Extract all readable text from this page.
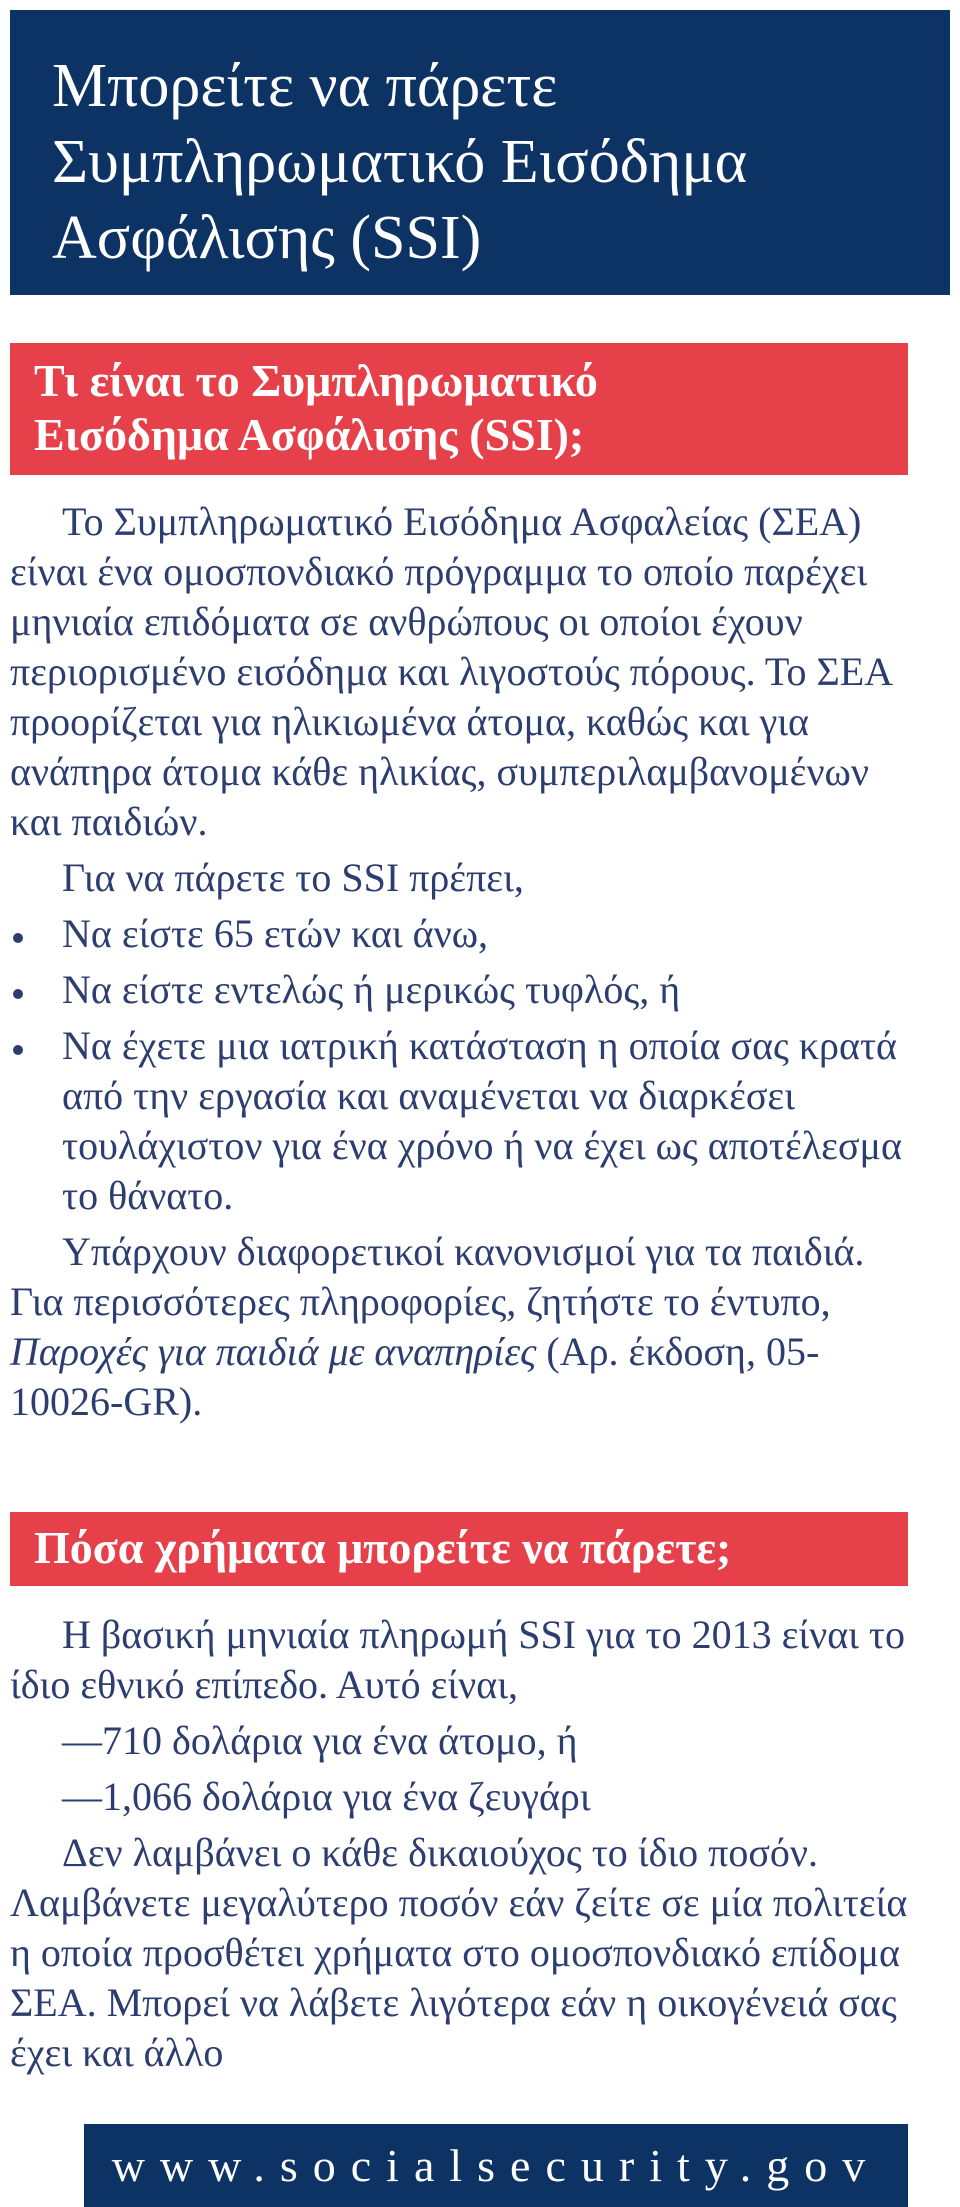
Μπορείτε να πάρετε
Συμπληρωματικό Εισόδημα
Ασφάλισης (SSI)
Τι είναι το Συμπληρωματικό
Εισόδημα Ασφάλισης (SSI);

Το Συμπληρωματικό Εισόδημα Ασφαλείας (ΣΕΑ) είναι ένα ομοσπονδιακό πρόγραμμα το οποίο παρέχει μηνιαία επιδόματα σε ανθρώπους οι οποίοι έχουν περιορισμένο εισόδημα και λιγοστούς πόρους. Το ΣΕΑ προορίζεται για ηλικιωμένα άτομα, καθώς και για ανάπηρα άτομα κάθε ηλικίας, συμπεριλαμβανομένων και παιδιών.

Για να πάρετε το SSI πρέπει,

Να είστε 65 ετών και άνω,
Να είστε εντελώς ή μερικώς τυφλός, ή
Να έχετε μια ιατρική κατάσταση η οποία σας κρατά από την εργασία και αναμένεται να διαρκέσει τουλάχιστον για ένα χρόνο ή να έχει ως αποτέλεσμα το θάνατο.

Υπάρχουν διαφορετικοί κανονισμοί για τα παιδιά. Για περισσότερες πληροφορίες, ζητήστε το έντυπο, Παροχές για παιδιά με αναπηρίες (Αρ. έκδοση, 05-10026-GR).

Πόσα χρήματα μπορείτε να πάρετε;

Η βασική μηνιαία πληρωμή SSI για το 2013 είναι το ίδιο εθνικό επίπεδο. Αυτό είναι,

—710 δολάρια για ένα άτομο, ή

—1,066 δολάρια για ένα ζευγάρι

Δεν λαμβάνει ο κάθε δικαιούχος το ίδιο ποσόν. Λαμβάνετε μεγαλύτερο ποσόν εάν ζείτε σε μία πολιτεία η οποία προσθέτει χρήματα στο ομοσπονδιακό επίδομα ΣΕΑ. Μπορεί να λάβετε λιγότερα εάν η οικογένειά σας έχει και άλλο

www.socialsecurity.gov
